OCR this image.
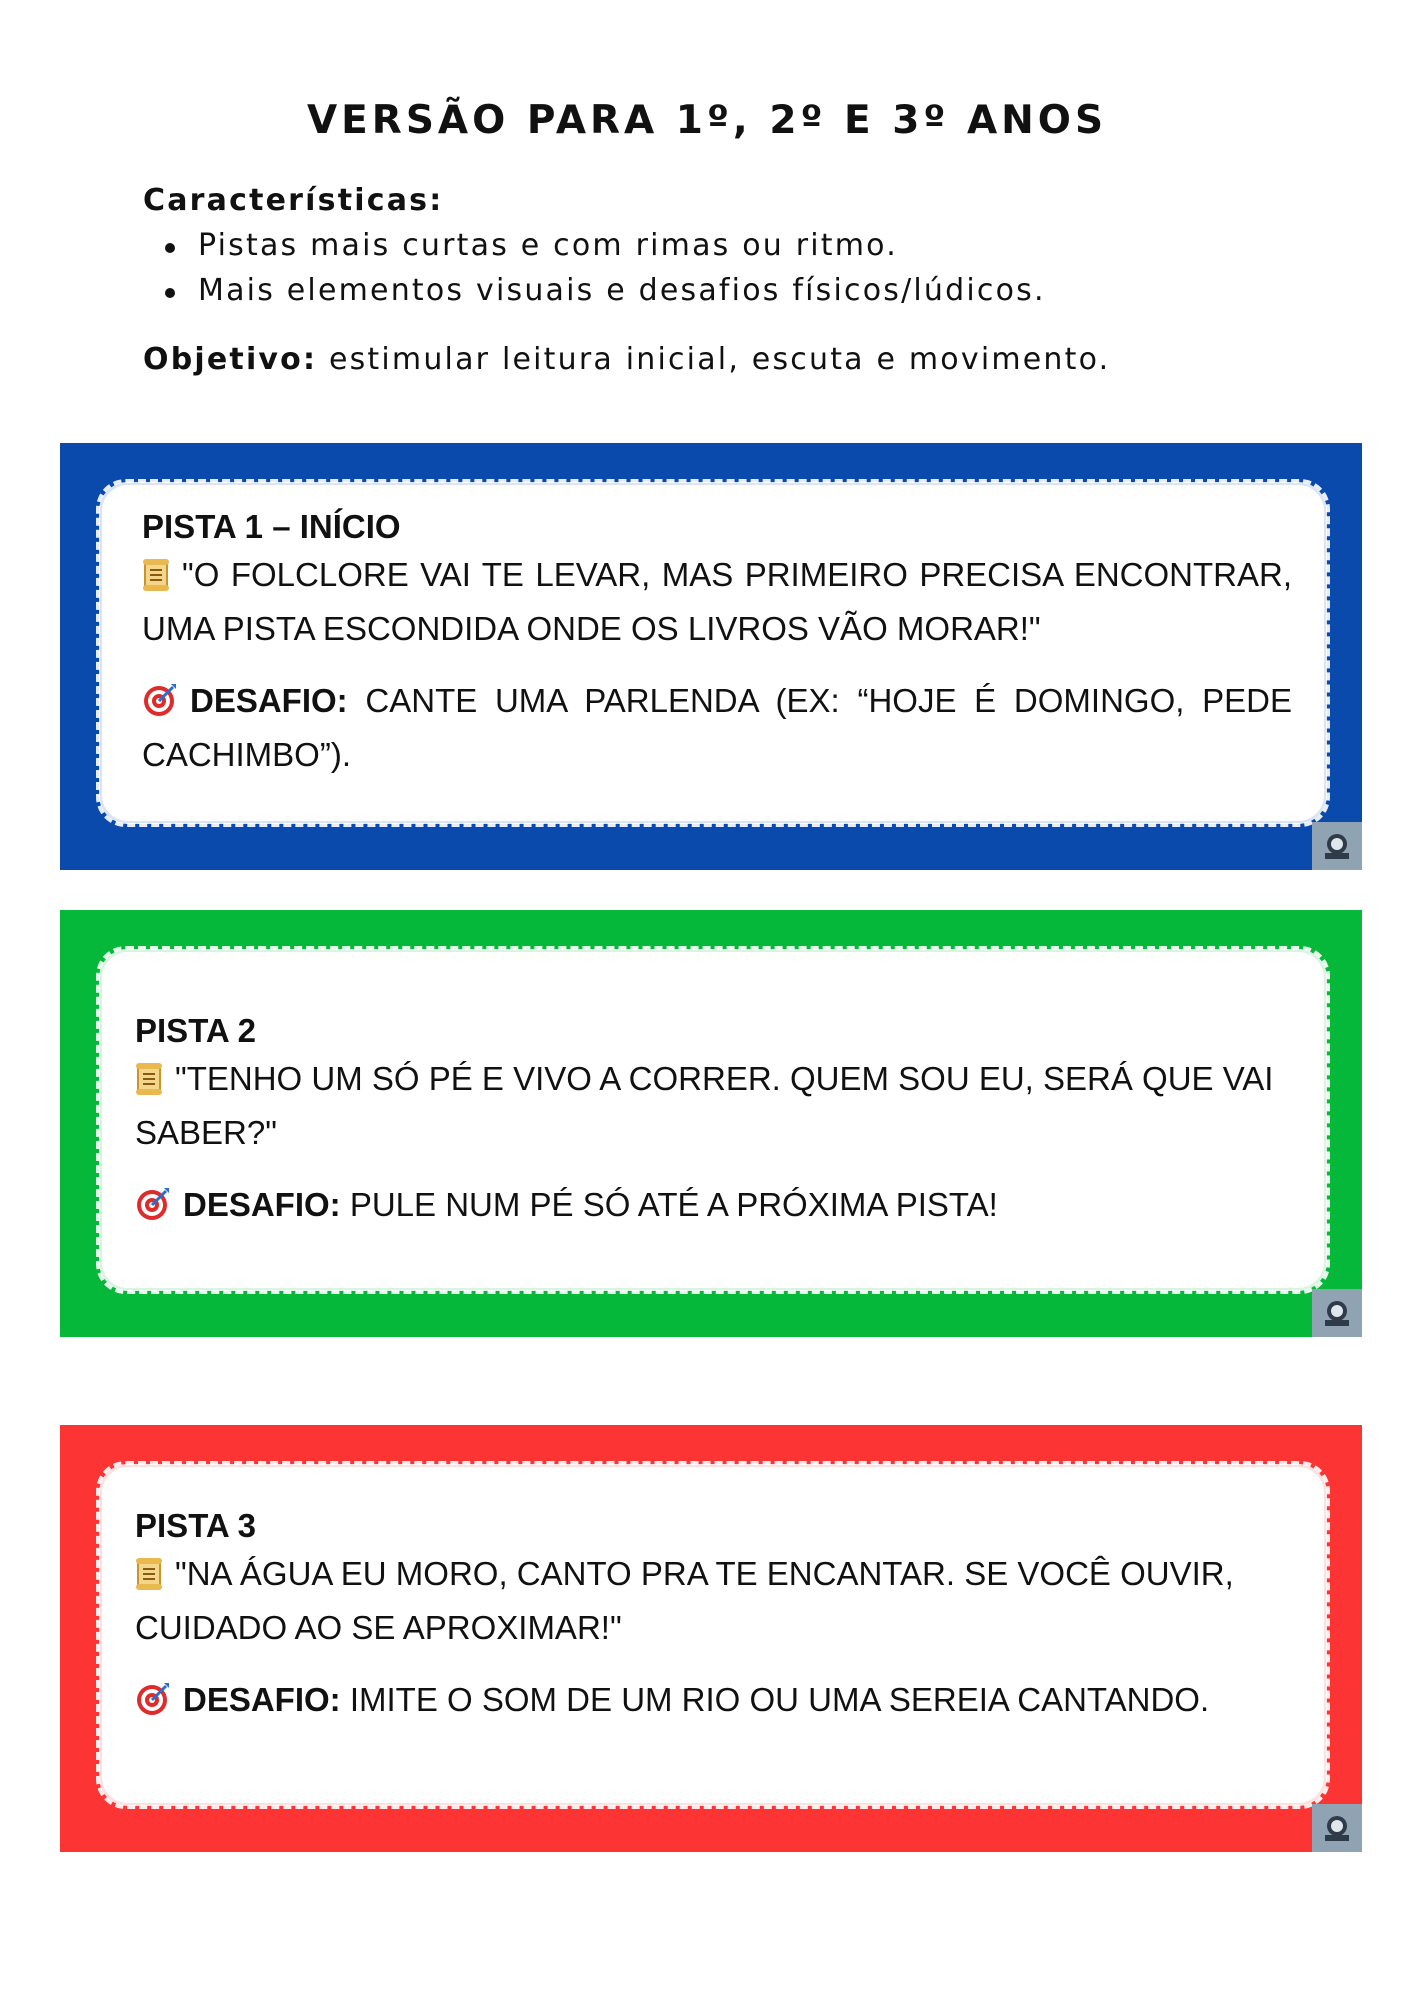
VERSÃO PARA 1º, 2º E 3º ANOS

Características:

Pistas mais curtas e com rimas ou ritmo.
Mais elementos visuais e desafios físicos/lúdicos.

Objetivo: estimular leitura inicial, escuta e movimento.

PISTA 1 – INÍCIO

"O FOLCLORE VAI TE LEVAR, MAS PRIMEIRO PRECISA ENCONTRAR, UMA PISTA ESCONDIDA ONDE OS LIVROS VÃO MORAR!"

DESAFIO: CANTE UMA PARLENDA (EX: “HOJE É DOMINGO, PEDE CACHIMBO”).

PISTA 2

"TENHO UM SÓ PÉ E VIVO A CORRER. QUEM SOU EU, SERÁ QUE VAI SABER?"

DESAFIO: PULE NUM PÉ SÓ ATÉ A PRÓXIMA PISTA!

PISTA 3

"NA ÁGUA EU MORO, CANTO PRA TE ENCANTAR. SE VOCÊ OUVIR, CUIDADO AO SE APROXIMAR!"

DESAFIO: IMITE O SOM DE UM RIO OU UMA SEREIA CANTANDO.
